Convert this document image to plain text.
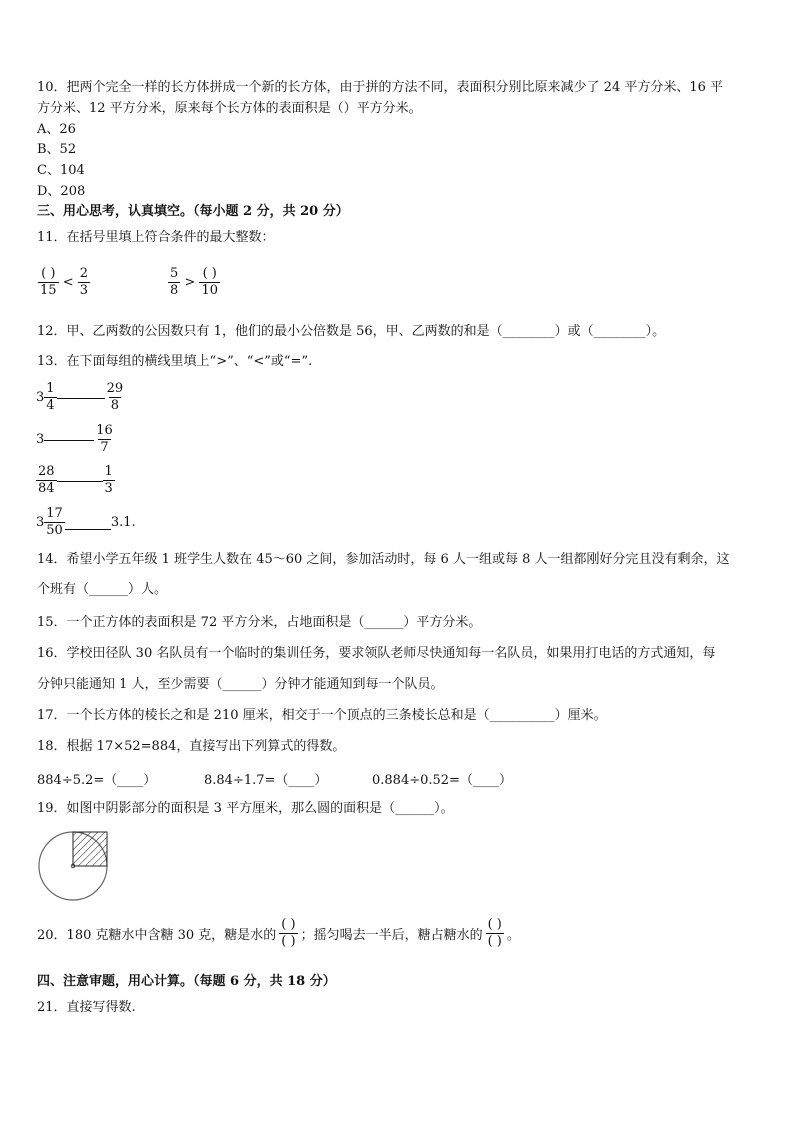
10．把两个完全一样的长方体拼成一个新的长方体，由于拼的方法不同，表面积分别比原来减少了 24 平方分米、16 平
方分米、12 平方分米，原来每个长方体的表面积是（）平方分米。
A、26
B、52
C、104
D、208
三、用心思考，认真填空。（每小题 2 分，共 20 分）
11．在括号里填上符合条件的最大整数：
$\frac{( )}{15} < \frac{2}{3}$	$\frac{5}{8} > \frac{( )}{10}$
12．甲、乙两数的公因数只有 1，他们的最小公倍数是 56，甲、乙两数的和是（________）或（________）。
13．在下面每组的横线里填上“>”、“<”或“=”.
$3 \frac{1}{4}$	$\frac{29}{8}$
3	$\frac{16}{7}$
$\frac{28}{84}$	$\frac{1}{3}$
$3 \frac{17}{50}$	3.1.
14．希望小学五年级 1 班学生人数在 45～60 之间，参加活动时，每 6 人一组或每 8 人一组都刚好分完且没有剩余，这
个班有（______）人。
15．一个正方体的表面积是 72 平方分米，占地面积是（______）平方分米。
16．学校田径队 30 名队员有一个临时的集训任务，要求领队老师尽快通知每一名队员，如果用打电话的方式通知，每
分钟只能通知 1 人，至少需要（______）分钟才能通知到每一个队员。
17．一个长方体的棱长之和是 210 厘米，相交于一个顶点的三条棱长总和是（__________）厘米。
18．根据 17×52=884，直接写出下列算式的得数。
884÷5.2=（____）	8.84÷1.7=（____）	0.884÷0.52=（____）
19．如图中阴影部分的面积是 3 平方厘米，那么圆的面积是（______）。
20．180 克糖水中含糖 30 克，糖是水的 $\frac{( )}{( )}$ ；摇匀喝去一半后，糖占糖水的 $\frac{( )}{( )}$ 。
四、注意审题，用心计算。（每题 6 分，共 18 分）
21．直接写得数.
